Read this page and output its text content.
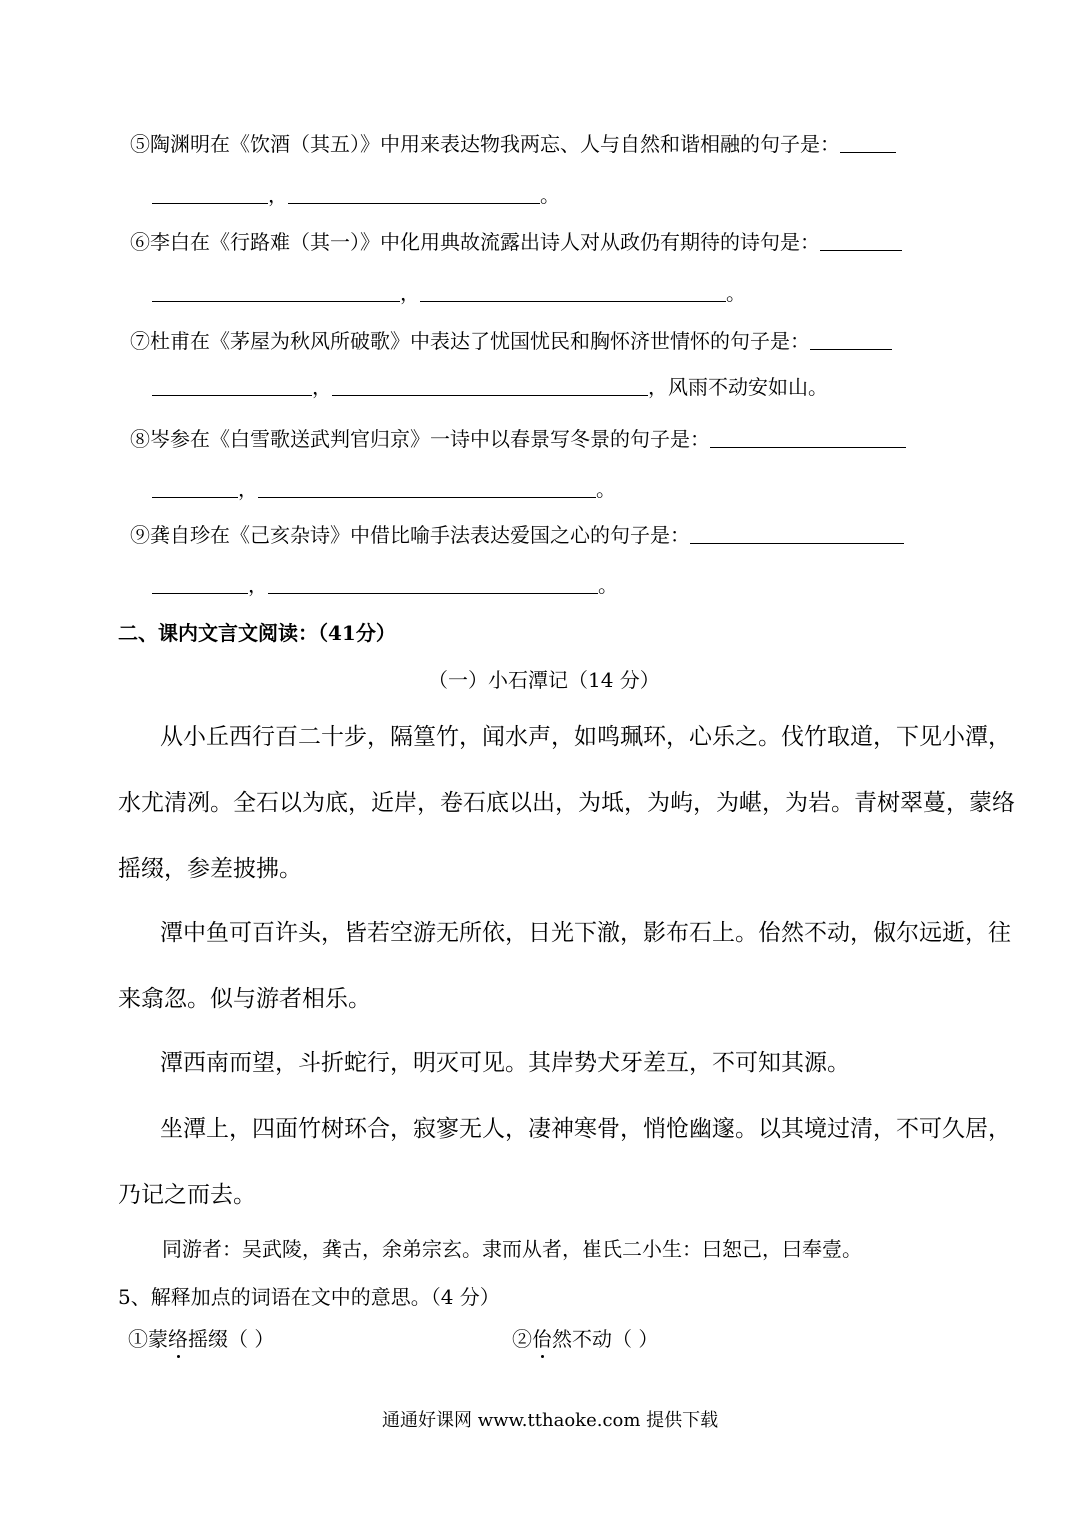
⑤陶渊明在《饮酒（其五）》中用来表达物我两忘、人与自然和谐相融的句子是：
，	。
⑥李白在《行路难（其一）》中化用典故流露出诗人对从政仍有期待的诗句是：
，	。
⑦杜甫在《茅屋为秋风所破歌》中表达了忧国忧民和胸怀济世情怀的句子是：
，	，风雨不动安如山。
⑧岑参在《白雪歌送武判官归京》一诗中以春景写冬景的句子是：
，	。
⑨龚自珍在《己亥杂诗》中借比喻手法表达爱国之心的句子是：
，	。
二、课内文言文阅读：（41分）
（一）小石潭记（14 分）
从小丘西行百二十步，隔篁竹，闻水声，如鸣珮环，心乐之。伐竹取道，下见小潭，
水尤清冽。全石以为底，近岸，卷石底以出，为坻，为屿，为嵁，为岩。青树翠蔓，蒙络
摇缀，参差披拂。
潭中鱼可百许头，皆若空游无所依，日光下澈，影布石上。佁然不动，俶尔远逝，往
来翕忽。似与游者相乐。
潭西南而望，斗折蛇行，明灭可见。其岸势犬牙差互，不可知其源。
坐潭上，四面竹树环合，寂寥无人，凄神寒骨，悄怆幽邃。以其境过清，不可久居，
乃记之而去。
同游者：吴武陵，龚古，余弟宗玄。隶而从者，崔氏二小生：曰恕己，曰奉壹。
5、解释加点的词语在文中的意思。（4 分）
①蒙络摇缀（ ）	②佁然不动（ ）
通通好课网 www.tthaoke.com 提供下载
